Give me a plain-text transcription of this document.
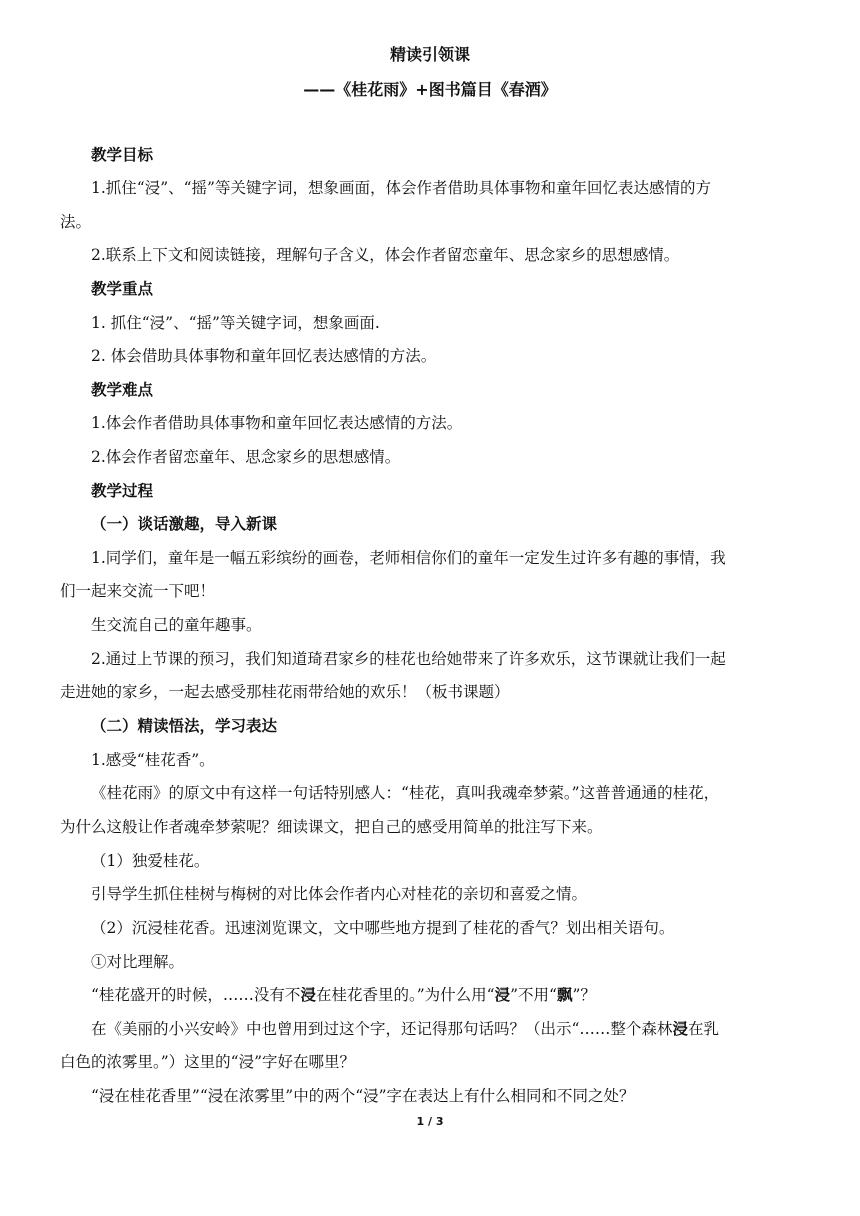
精读引领课
——《桂花雨》+图书篇目《春酒》
教学目标
1.抓住“浸”、“摇”等关键字词，想象画面，体会作者借助具体事物和童年回忆表达感情的方
法。
2.联系上下文和阅读链接，理解句子含义，体会作者留恋童年、思念家乡的思想感情。
教学重点
1. 抓住“浸”、“摇”等关键字词，想象画面.
2. 体会借助具体事物和童年回忆表达感情的方法。
教学难点
1.体会作者借助具体事物和童年回忆表达感情的方法。
2.体会作者留恋童年、思念家乡的思想感情。
教学过程
（一）谈话激趣，导入新课
1.同学们，童年是一幅五彩缤纷的画卷，老师相信你们的童年一定发生过许多有趣的事情，我
们一起来交流一下吧！
生交流自己的童年趣事。
2.通过上节课的预习，我们知道琦君家乡的桂花也给她带来了许多欢乐，这节课就让我们一起
走进她的家乡，一起去感受那桂花雨带给她的欢乐！（板书课题）
（二）精读悟法，学习表达
1.感受“桂花香”。
《桂花雨》的原文中有这样一句话特别感人：“桂花，真叫我魂牵梦萦。”这普普通通的桂花，
为什么这般让作者魂牵梦萦呢？细读课文，把自己的感受用简单的批注写下来。
（1）独爱桂花。
引导学生抓住桂树与梅树的对比体会作者内心对桂花的亲切和喜爱之情。
（2）沉浸桂花香。迅速浏览课文，文中哪些地方提到了桂花的香气？划出相关语句。
①对比理解。
“桂花盛开的时候，……没有不浸在桂花香里的。”为什么用“浸”不用“飘”？
在《美丽的小兴安岭》中也曾用到过这个字，还记得那句话吗？（出示“……整个森林浸在乳
白色的浓雾里。”）这里的“浸”字好在哪里？
“浸在桂花香里”“浸在浓雾里”中的两个“浸”字在表达上有什么相同和不同之处？
1 / 3
